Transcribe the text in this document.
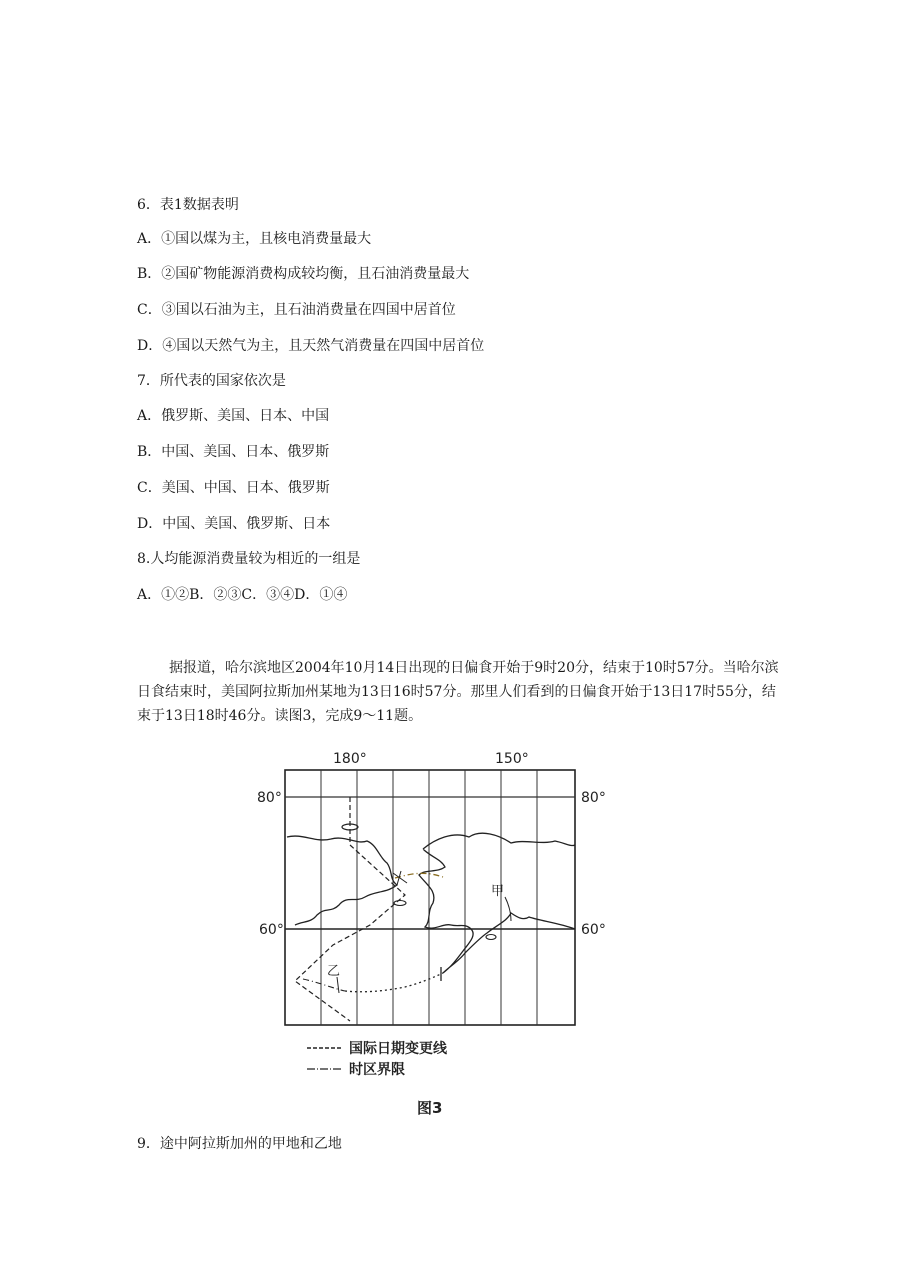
6．表1数据表明
A．①国以煤为主，且核电消费量最大
B．②国矿物能源消费构成较均衡，且石油消费量最大
C．③国以石油为主，且石油消费量在四国中居首位
D．④国以天然气为主，且天然气消费量在四国中居首位
7．所代表的国家依次是
A．俄罗斯、美国、日本、中国
B．中国、美国、日本、俄罗斯
C．美国、中国、日本、俄罗斯
D．中国、美国、俄罗斯、日本
8.人均能源消费量较为相近的一组是
A．①②B．②③C．③④D．①④
据报道，哈尔滨地区2004年10月14日出现的日偏食开始于9时20分，结束于10时57分。当哈尔滨日食结束时，美国阿拉斯加州某地为13日16时57分。那里人们看到的日偏食开始于13日17时55分，结束于13日18时46分。读图3，完成9～11题。
180°	150°
80°	80°
60°	60°
甲
乙
国际日期变更线
时区界限
图3
9．途中阿拉斯加州的甲地和乙地
